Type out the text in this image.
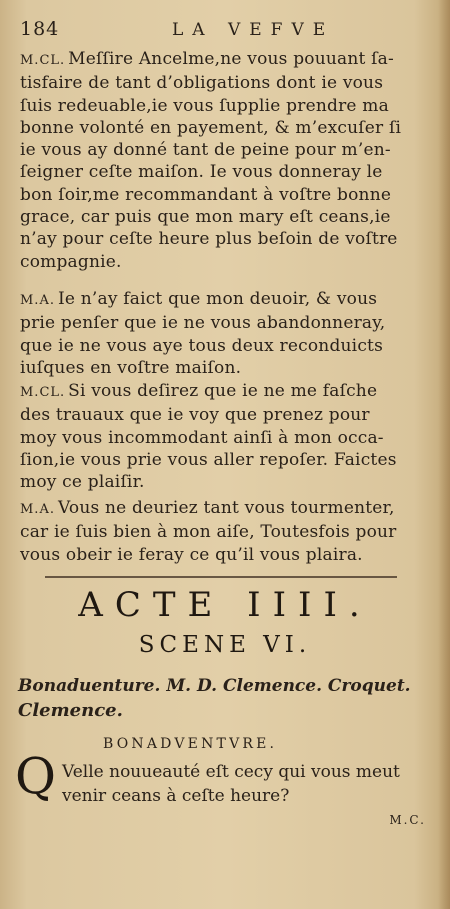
184	LA VEFVE
M.CL. Meſſire Ancelme,ne vous pouuant ſa-
tisfaire de tant d’obligations dont ie vous
ſuis redeuable,ie vous ſupplie prendre ma
bonne volonté en payement, & m’excuſer ſi
ie vous ay donné tant de peine pour m’en-
ſeigner ceſte maiſon. Ie vous donneray le
bon ſoir,me recommandant à voſtre bonne
grace, car puis que mon mary eſt ceans,ie
n’ay pour ceſte heure plus beſoin de voſtre
compagnie.
M.A. Ie n’ay faict que mon deuoir, & vous
prie penſer que ie ne vous abandonneray,
que ie ne vous aye tous deux reconduicts
iuſques en voſtre maiſon.
M.CL. Si vous deſirez que ie ne me faſche
des trauaux que ie voy que prenez pour
moy vous incommodant ainſi à mon occa-
ſion,ie vous prie vous aller repoſer. Faictes
moy ce plaiſir.
M.A. Vous ne deuriez tant vous tourmenter,
car ie ſuis bien à mon aiſe, Toutesfois pour
vous obeir ie feray ce qu’il vous plaira.
ACTE IIII.
SCENE VI.
Bonaduenture. M. D. Clemence. Croquet.
Clemence.
BONADVENTVRE.
Q Velle nouueauté eſt cecy qui vous meut
venir ceans à ceſte heure?
M.C.
